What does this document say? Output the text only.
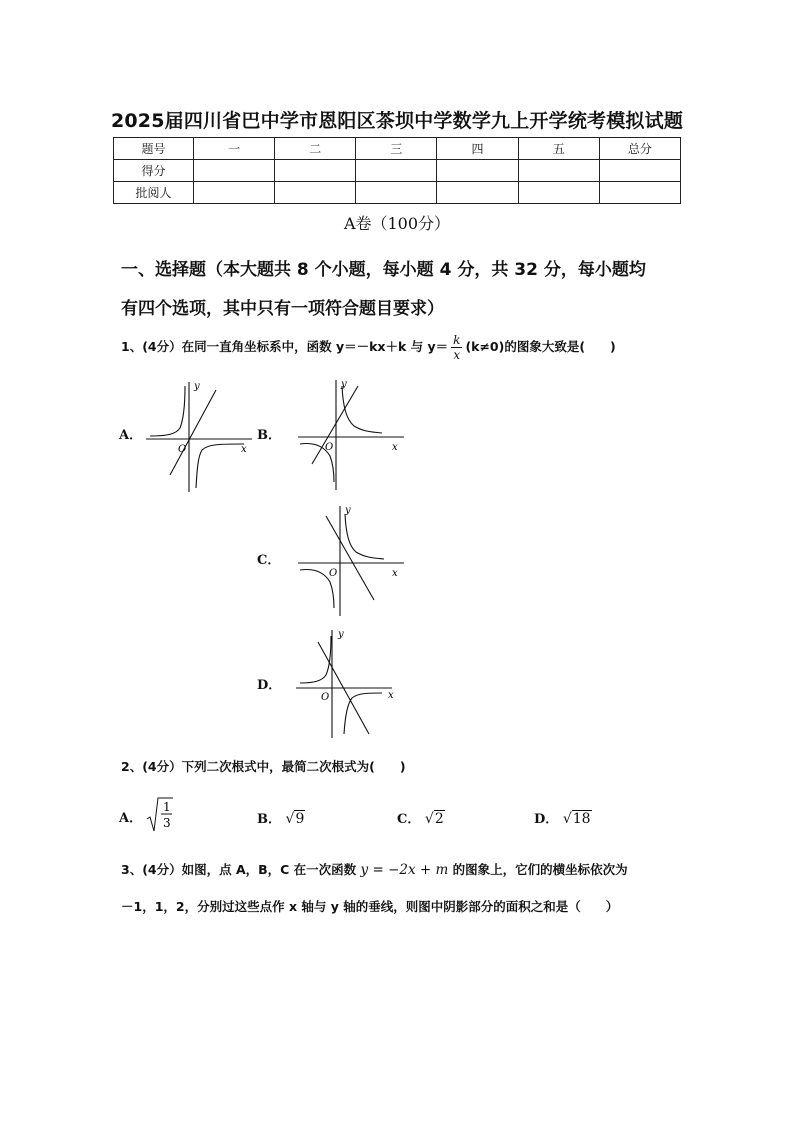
2025届四川省巴中学市恩阳区茶坝中学数学九上开学统考模拟试题
题号	一	二	三	四	五	总分
得分						
批阅人						
A卷（100分）
一、选择题（本大题共 8 个小题，每小题 4 分，共 32 分，每小题均
有四个选项，其中只有一项符合题目要求）
1、(4分）在同一直角坐标系中，函数 y＝－kx＋k 与 $y= \frac{k}{x} (k\ne 0)$的图象大致是(　　)
A．	B．
C．
D．
y
x
O
y
x
O
y
x
O
y
x
O
2、(4分）下列二次根式中，最简二次根式为(　　)
A．
1
3	B． √9	C． √2	D． √18
3、(4分）如图，点 A，B，C 在一次函数 y = −2x + m 的图象上，它们的横坐标依次为
－1，1，2，分别过这些点作 x 轴与 y 轴的垂线，则图中阴影部分的面积之和是（　　）
